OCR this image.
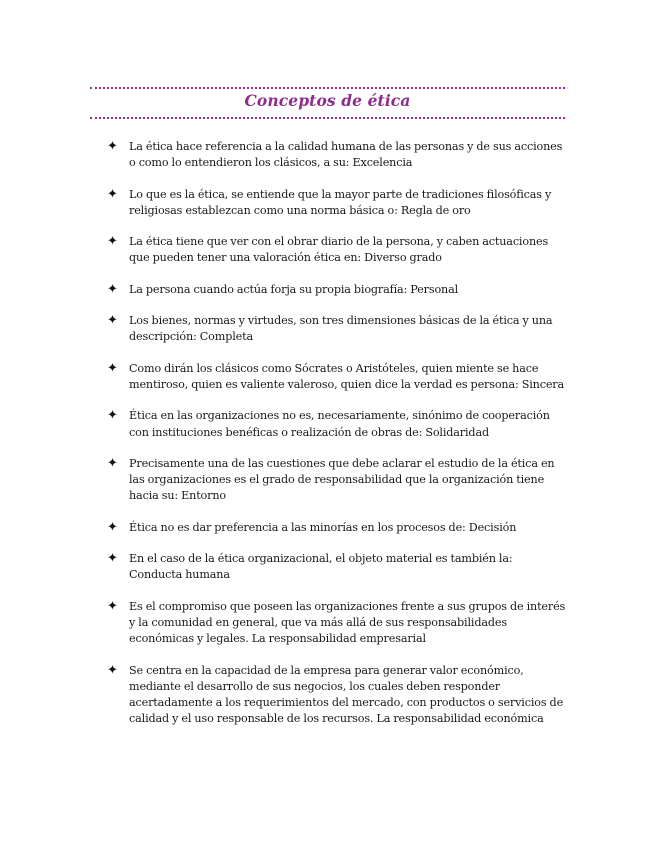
Conceptos de ética
✦ La ética hace referencia a la calidad humana de las personas y de sus acciones o como lo entendieron los clásicos, a su: Excelencia
✦ Lo que es la ética, se entiende que la mayor parte de tradiciones filosóficas y religiosas establezcan como una norma básica o: Regla de oro
✦ La ética tiene que ver con el obrar diario de la persona, y caben actuaciones que pueden tener una valoración ética en: Diverso grado
✦ La persona cuando actúa forja su propia biografía: Personal
✦ Los bienes, normas y virtudes, son tres dimensiones básicas de la ética y una descripción: Completa
✦ Como dirán los clásicos como Sócrates o Aristóteles, quien miente se hace mentiroso, quien es valiente valeroso, quien dice la verdad es persona: Sincera
✦ Ética en las organizaciones no es, necesariamente, sinónimo de cooperación con instituciones benéficas o realización de obras de: Solidaridad
✦ Precisamente una de las cuestiones que debe aclarar el estudio de la ética en las organizaciones es el grado de responsabilidad que la organización tiene hacia su: Entorno
✦ Ética no es dar preferencia a las minorías en los procesos de: Decisión
✦ En el caso de la ética organizacional, el objeto material es también la: Conducta humana
✦ Es el compromiso que poseen las organizaciones frente a sus grupos de interés y la comunidad en general, que va más allá de sus responsabilidades económicas y legales. La responsabilidad empresarial
✦ Se centra en la capacidad de la empresa para generar valor económico, mediante el desarrollo de sus negocios, los cuales deben responder acertadamente a los requerimientos del mercado, con productos o servicios de calidad y el uso responsable de los recursos. La responsabilidad económica
